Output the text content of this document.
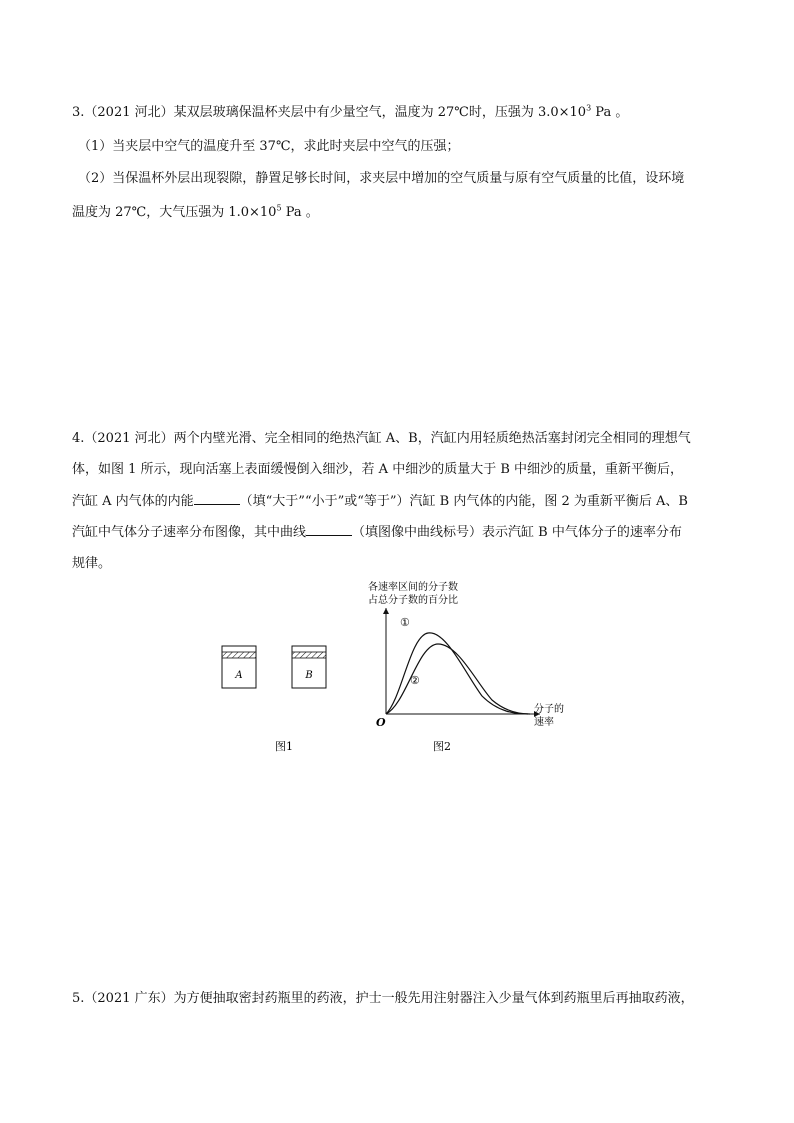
3.（2021 河北）某双层玻璃保温杯夹层中有少量空气，温度为 27℃时，压强为 $3.0\times 10^3$ Pa 。
（1）当夹层中空气的温度升至 37℃，求此时夹层中空气的压强；
（2）当保温杯外层出现裂隙，静置足够长时间，求夹层中增加的空气质量与原有空气质量的比值，设环境
温度为 27℃，大气压强为 $1.0\times 10^5$ Pa 。
4.（2021 河北）两个内壁光滑、完全相同的绝热汽缸 A、B，汽缸内用轻质绝热活塞封闭完全相同的理想气
体，如图 1 所示，现向活塞上表面缓慢倒入细沙，若 A 中细沙的质量大于 B 中细沙的质量，重新平衡后，
汽缸 A 内气体的内能	（填“大于”“小于”或“等于”）汽缸 B 内气体的内能，图 2 为重新平衡后 A、B
汽缸中气体分子速率分布图像，其中曲线	（填图像中曲线标号）表示汽缸 B 中气体分子的速率分布
规律。
A	B
图1
各速率区间的分子数
占总分子数的百分比
分子的
速率
O
①
②
图2
5.（2021 广东）为方便抽取密封药瓶里的药液，护士一般先用注射器注入少量气体到药瓶里后再抽取药液，
